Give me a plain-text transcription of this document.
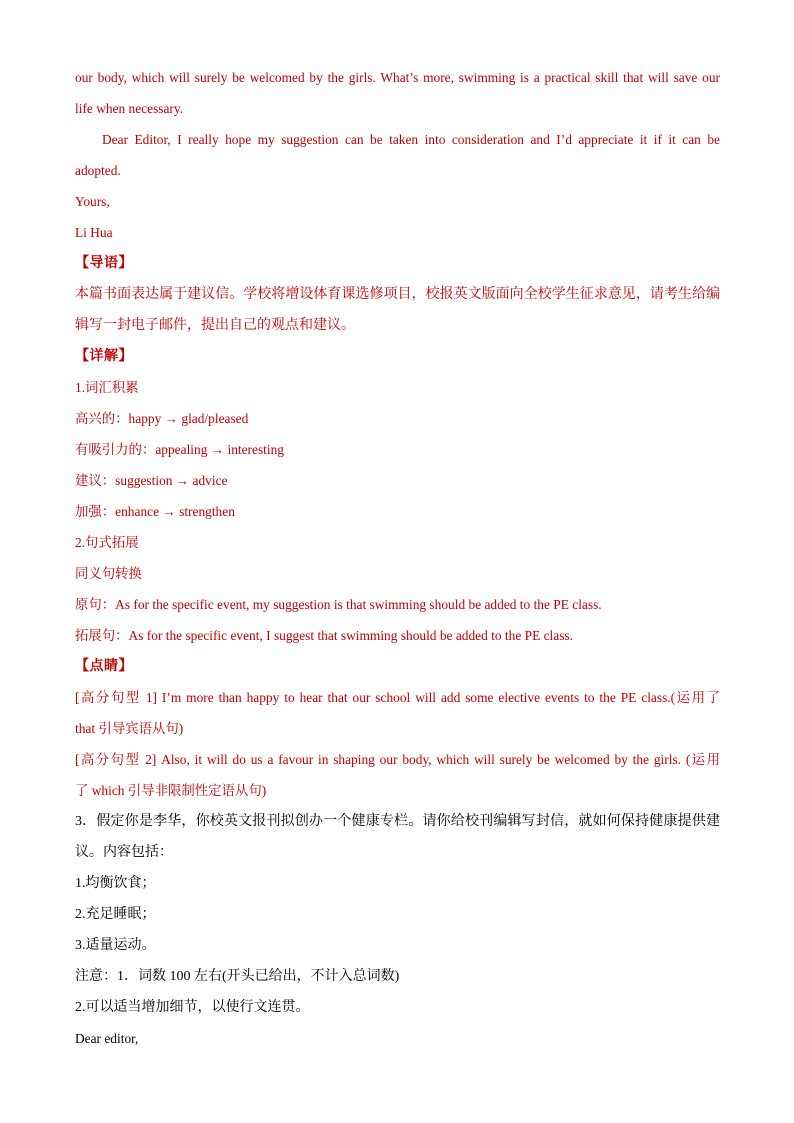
our body, which will surely be welcomed by the girls. What’s more, swimming is a practical skill that will save our
life when necessary.
Dear Editor, I really hope my suggestion can be taken into consideration and I’d appreciate it if it can be
adopted.
Yours,
Li Hua
【导语】
本篇书面表达属于建议信。学校将增设体育课选修项目，校报英文版面向全校学生征求意见，请考生给编
辑写一封电子邮件，提出自己的观点和建议。
【详解】
1.词汇积累
高兴的：happy → glad/pleased
有吸引力的：appealing → interesting
建议：suggestion → advice
加强：enhance → strengthen
2.句式拓展
同义句转换
原句：As for the specific event, my suggestion is that swimming should be added to the PE class.
拓展句：As for the specific event, I suggest that swimming should be added to the PE class.
【点睛】
[高分句型 1] I’m more than happy to hear that our school will add some elective events to the PE class.(运用了
that 引导宾语从句)
[高分句型 2] Also, it will do us a favour in shaping our body, which will surely be welcomed by the girls. (运用
了 which 引导非限制性定语从句)
3．假定你是李华，你校英文报刊拟创办一个健康专栏。请你给校刊编辑写封信，就如何保持健康提供建
议。内容包括：
1.均衡饮食；
2.充足睡眠；
3.适量运动。
注意：1．词数 100 左右(开头已给出，不计入总词数)
2.可以适当增加细节，以使行文连贯。
Dear editor,
